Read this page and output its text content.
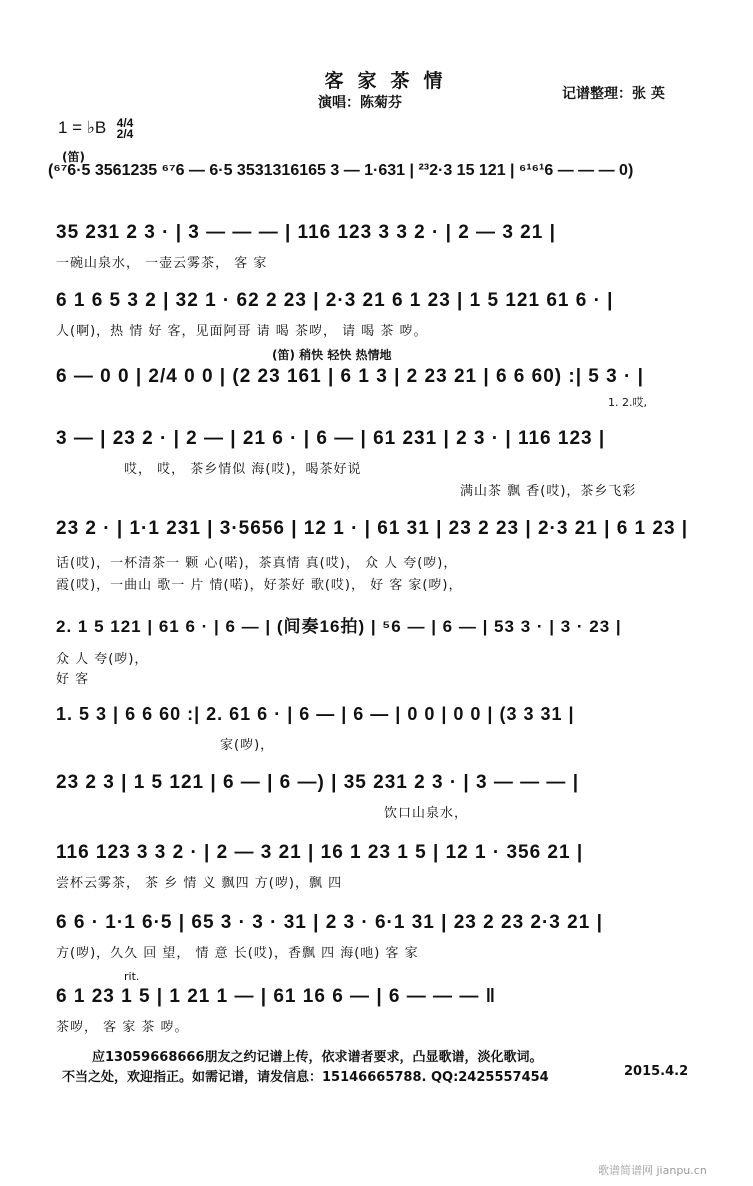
客家茶情
演唱：陈菊芬
记谱整理：张 英
1 = ♭B 4/4
2/4
(笛)
(⁶⁷6·5 3561235 ⁶⁷6 — 6·5 3531316165 3 — 1·631 | ²³2·3 15 121 | ⁶¹⁶¹6 — — — 0)
35 231 2 3 · | 3 — — — | 116 123 3 3 2 · | 2 — 3 21 |
一碗山泉水， 一壶云雾茶， 客 家
6 1 6 5 3 2 | 32 1 · 62 2 23 | 2·3 21 6 1 23 | 1 5 121 61 6 · |
人(啊)，热 情 好 客，见面阿哥 请 喝 茶哕， 请 喝 茶 哕。
(笛) 稍快 轻快 热情地
6 — 0 0 | 2/4 0 0 | (2 23 161 | 6 1 3 | 2 23 21 | 6 6 60) :| 5 3 · |
1. 2.哎,
3 — | 23 2 · | 2 — | 21 6 · | 6 — | 61 231 | 2 3 · | 116 123 |
哎， 哎， 茶乡情似 海(哎)，喝茶好说
满山茶 飘 香(哎)，茶乡飞彩
23 2 · | 1·1 231 | 3·5656 | 12 1 · | 61 31 | 23 2 23 | 2·3 21 | 6 1 23 |
话(哎)，一杯清茶一 颗 心(喏)，茶真情 真(哎)， 众 人 夸(哕)，
霞(哎)，一曲山 歌一 片 情(喏)，好茶好 歌(哎)， 好 客 家(哕)，
2. 1 5 121 | 61 6 · | 6 — | (间奏16拍) | ⁵6 — | 6 — | 53 3 · | 3 · 23 |
众 人 夸(哕)，
好 客
1. 5 3 | 6 6 60 :| 2. 61 6 · | 6 — | 6 — | 0 0 | 0 0 | (3 3 31 |
家(哕)，
23 2 3 | 1 5 121 | 6 — | 6 —) | 35 231 2 3 · | 3 — — — |
饮口山泉水，
116 123 3 3 2 · | 2 — 3 21 | 16 1 23 1 5 | 12 1 · 356 21 |
尝杯云雾茶， 茶 乡 情 义 飘四 方(哕)，飘 四
6 6 · 1·1 6·5 | 65 3 · 3 · 31 | 2 3 · 6·1 31 | 23 2 23 2·3 21 |
方(哕)，久久 回 望， 情 意 长(哎)，香飘 四 海(吔) 客 家
rit.
6 1 23 1 5 | 1 21 1 — | 61 16 6 — | 6 — — — ‖
茶哕， 客 家 茶 哕。
应13059668666朋友之约记谱上传，依求谱者要求，凸显歌谱，淡化歌词。
不当之处，欢迎指正。如需记谱，请发信息：15146665788. QQ:2425557454	2015.4.2
歌谱简谱网 jianpu.cn
